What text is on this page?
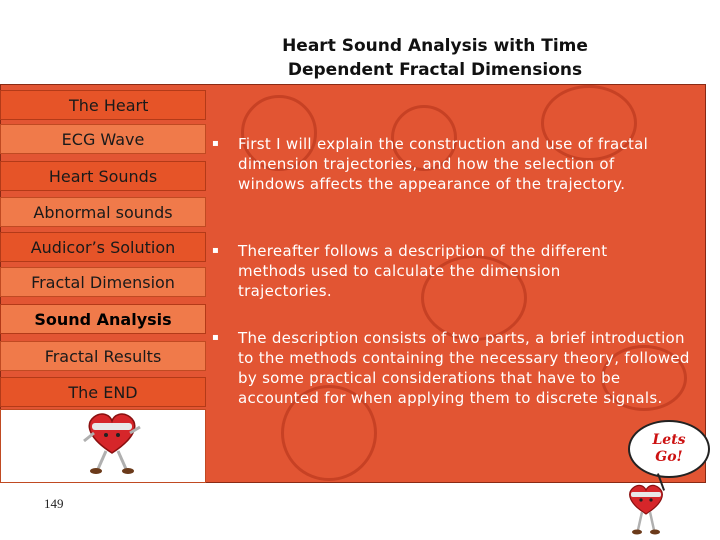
Heart Sound Analysis with Time
Dependent Fractal Dimensions
The Heart
ECG Wave
Heart Sounds
Abnormal sounds
Audicor’s Solution
Fractal Dimension
Sound Analysis
Fractal Results
The END
▪ First I will explain the construction and use of fractal dimension trajectories, and how the selection of windows affects the appearance of the trajectory.
▪ Thereafter follows a description of the different methods used to calculate the dimension trajectories.
▪ The description consists of two parts, a brief introduction to the methods containing the necessary theory, followed by some practical considerations that have to be accounted for when applying them to discrete signals.
Lets
Go!
149
